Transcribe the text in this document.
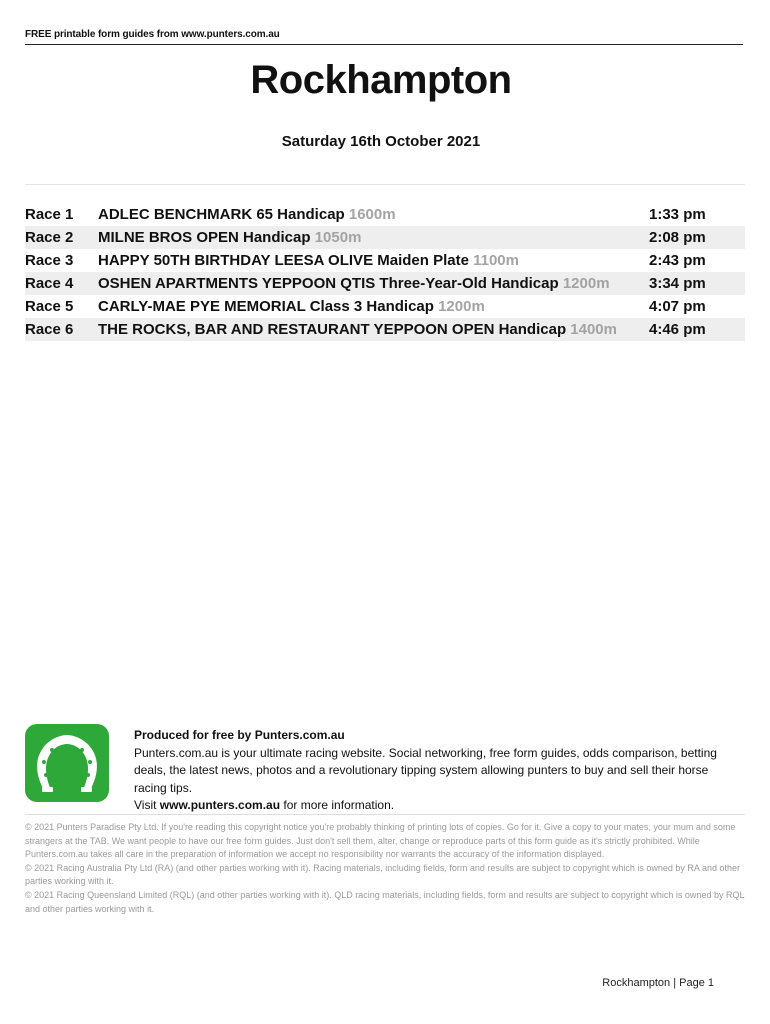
FREE printable form guides from www.punters.com.au
Rockhampton
Saturday 16th October 2021
Race 1 ADLEC BENCHMARK 65 Handicap 1600m	1:33 pm
Race 2 MILNE BROS OPEN Handicap 1050m	2:08 pm
Race 3 HAPPY 50TH BIRTHDAY LEESA OLIVE Maiden Plate 1100m	2:43 pm
Race 4 OSHEN APARTMENTS YEPPOON QTIS Three-Year-Old Handicap 1200m	3:34 pm
Race 5 CARLY-MAE PYE MEMORIAL Class 3 Handicap 1200m	4:07 pm
Race 6 THE ROCKS, BAR AND RESTAURANT YEPPOON OPEN Handicap 1400m 4:46 pm
Produced for free by Punters.com.au
Punters.com.au is your ultimate racing website. Social networking, free form guides, odds comparison, betting deals, the latest news, photos and a revolutionary tipping system allowing punters to buy and sell their horse racing tips.
Visit www.punters.com.au for more information.

© 2021 Punters Paradise Pty Ltd. If you're reading this copyright notice you're probably thinking of printing lots of copies. Go for it. Give a copy to your mates, your mum and some strangers at the TAB. We want people to have our free form guides. Just don't sell them, alter, change or reproduce parts of this form guide as it's strictly prohibited. While Punters.com.au takes all care in the preparation of information we accept no responsibility nor warrants the accuracy of the information displayed.

© 2021 Racing Australia Pty Ltd (RA) (and other parties working with it). Racing materials, including fields, form and results are subject to copyright which is owned by RA and other parties working with it.

© 2021 Racing Queensland Limited (RQL) (and other parties working with it). QLD racing materials, including fields, form and results are subject to copyright which is owned by RQL and other parties working with it.

Rockhampton | Page 1
